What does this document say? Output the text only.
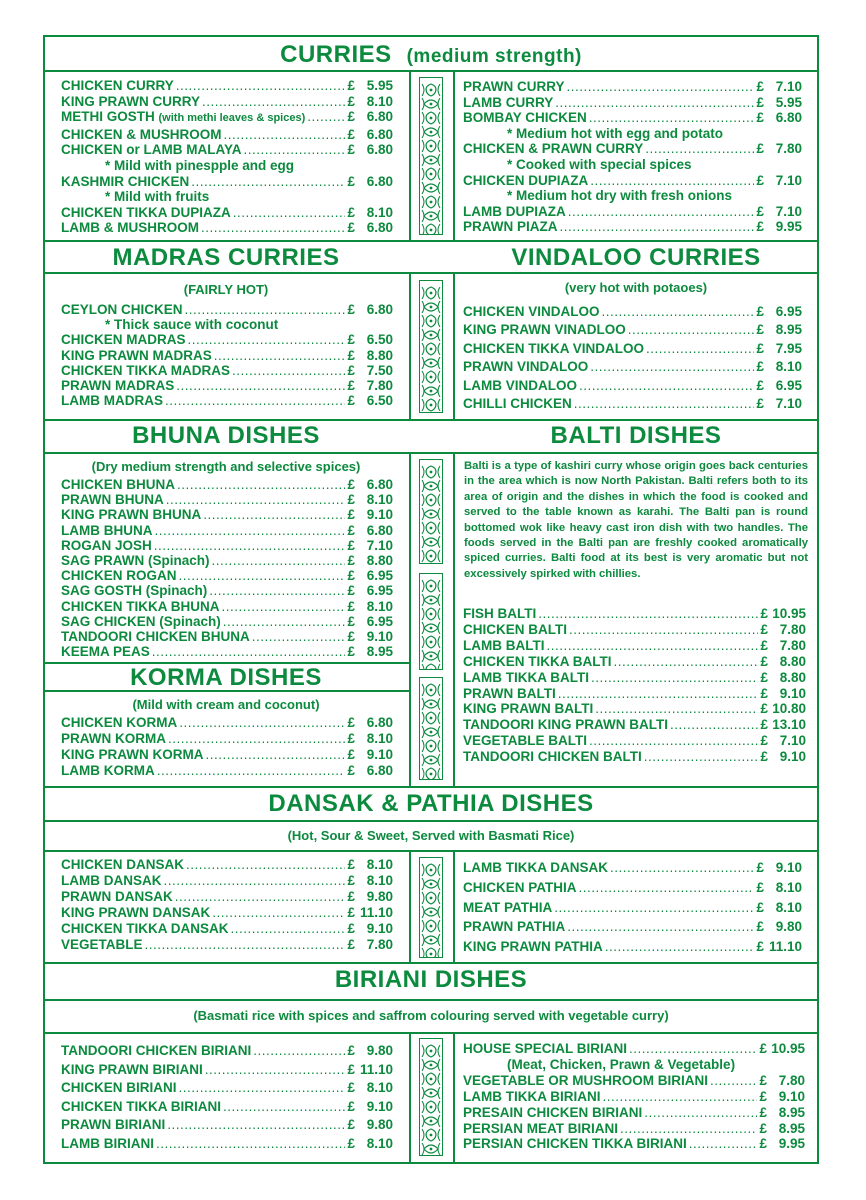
CURRIES (medium strength)
CHICKEN CURRY .....	£ 5.95
KING PRAWN CURRY .....	£ 8.10
METHI GOSTH (with methi leaves & spices) .....	£ 6.80
CHICKEN & MUSHROOM .....	£ 6.80
CHICKEN or LAMB MALAYA .....	£ 6.80
* Mild with pinespple and egg
KASHMIR CHICKEN .....	£ 6.80
* Mild with fruits
CHICKEN TIKKA DUPIAZA .....	£ 8.10
LAMB & MUSHROOM .....	£ 6.80
PRAWN CURRY .....	£ 7.10
LAMB CURRY .....	£ 5.95
BOMBAY CHICKEN .....	£ 6.80
* Medium hot with egg and potato
CHICKEN & PRAWN CURRY .....	£ 7.80
* Cooked with special spices
CHICKEN DUPIAZA .....	£ 7.10
* Medium hot dry with fresh onions
LAMB DUPIAZA .....	£ 7.10
PRAWN PIAZA .....	£ 9.95
MADRAS CURRIES	VINDALOO CURRIES
(FAIRLY HOT)	(very hot with potaoes)
CEYLON CHICKEN .....	£ 6.80
* Thick sauce with coconut
CHICKEN MADRAS .....	£ 6.50
KING PRAWN MADRAS .....	£ 8.80
CHICKEN TIKKA MADRAS .....	£ 7.50
PRAWN MADRAS .....	£ 7.80
LAMB MADRAS .....	£ 6.50
CHICKEN VINDALOO .....	£ 6.95
KING PRAWN VINADLOO .....	£ 8.95
CHICKEN TIKKA VINDALOO .....	£ 7.95
PRAWN VINDALOO .....	£ 8.10
LAMB VINDALOO .....	£ 6.95
CHILLI CHICKEN .....	£ 7.10
BHUNA DISHES	BALTI DISHES
(Dry medium strength and selective spices)
CHICKEN BHUNA .....	£ 6.80
PRAWN BHUNA .....	£ 8.10
KING PRAWN BHUNA .....	£ 9.10
LAMB BHUNA .....	£ 6.80
ROGAN JOSH .....	£ 7.10
SAG PRAWN (Spinach) .....	£ 8.80
CHICKEN ROGAN .....	£ 6.95
SAG GOSTH (Spinach) .....	£ 6.95
CHICKEN TIKKA BHUNA .....	£ 8.10
SAG CHICKEN (Spinach) .....	£ 6.95
TANDOORI CHICKEN BHUNA .....	£ 9.10
KEEMA PEAS .....	£ 8.95
Balti is a type of kashiri curry whose origin goes back centuries in the area which is now North Pakistan. Balti refers both to its area of origin and the dishes in which the food is cooked and served to the table known as karahi. The Balti pan is round bottomed wok like heavy cast iron dish with two handles. The foods served in the Balti pan are freshly cooked aromatically spiced curries. Balti food at its best is very aromatic but not excessively spirked with chillies.
FISH BALTI .....	£ 10.95
CHICKEN BALTI .....	£ 7.80
LAMB BALTI .....	£ 7.80
CHICKEN TIKKA BALTI .....	£ 8.80
LAMB TIKKA BALTI .....	£ 8.80
PRAWN BALTI .....	£ 9.10
KING PRAWN BALTI .....	£ 10.80
TANDOORI KING PRAWN BALTI .....	£ 13.10
VEGETABLE BALTI .....	£ 7.10
TANDOORI CHICKEN BALTI .....	£ 9.10
KORMA DISHES
(Mild with cream and coconut)
CHICKEN KORMA .....	£ 6.80
PRAWN KORMA .....	£ 8.10
KING PRAWN KORMA .....	£ 9.10
LAMB KORMA .....	£ 6.80
DANSAK & PATHIA DISHES
(Hot, Sour & Sweet, Served with Basmati Rice)
CHICKEN DANSAK .....	£ 8.10
LAMB DANSAK .....	£ 8.10
PRAWN DANSAK .....	£ 9.80
KING PRAWN DANSAK .....	£ 11.10
CHICKEN TIKKA DANSAK .....	£ 9.10
VEGETABLE .....	£ 7.80
LAMB TIKKA DANSAK .....	£ 9.10
CHICKEN PATHIA .....	£ 8.10
MEAT PATHIA .....	£ 8.10
PRAWN PATHIA .....	£ 9.80
KING PRAWN PATHIA .....	£ 11.10
BIRIANI DISHES
(Basmati rice with spices and saffrom colouring served with vegetable curry)
TANDOORI CHICKEN BIRIANI .....	£ 9.80
KING PRAWN BIRIANI .....	£ 11.10
CHICKEN BIRIANI .....	£ 8.10
CHICKEN TIKKA BIRIANI .....	£ 9.10
PRAWN BIRIANI .....	£ 9.80
LAMB BIRIANI .....	£ 8.10
HOUSE SPECIAL BIRIANI .....	£ 10.95
(Meat, Chicken, Prawn & Vegetable)
VEGETABLE OR MUSHROOM BIRIANI .....	£ 7.80
LAMB TIKKA BIRIANI .....	£ 9.10
PRESAIN CHICKEN BIRIANI .....	£ 8.95
PERSIAN MEAT BIRIANI .....	£ 8.95
PERSIAN CHICKEN TIKKA BIRIANI .....	£ 9.95
